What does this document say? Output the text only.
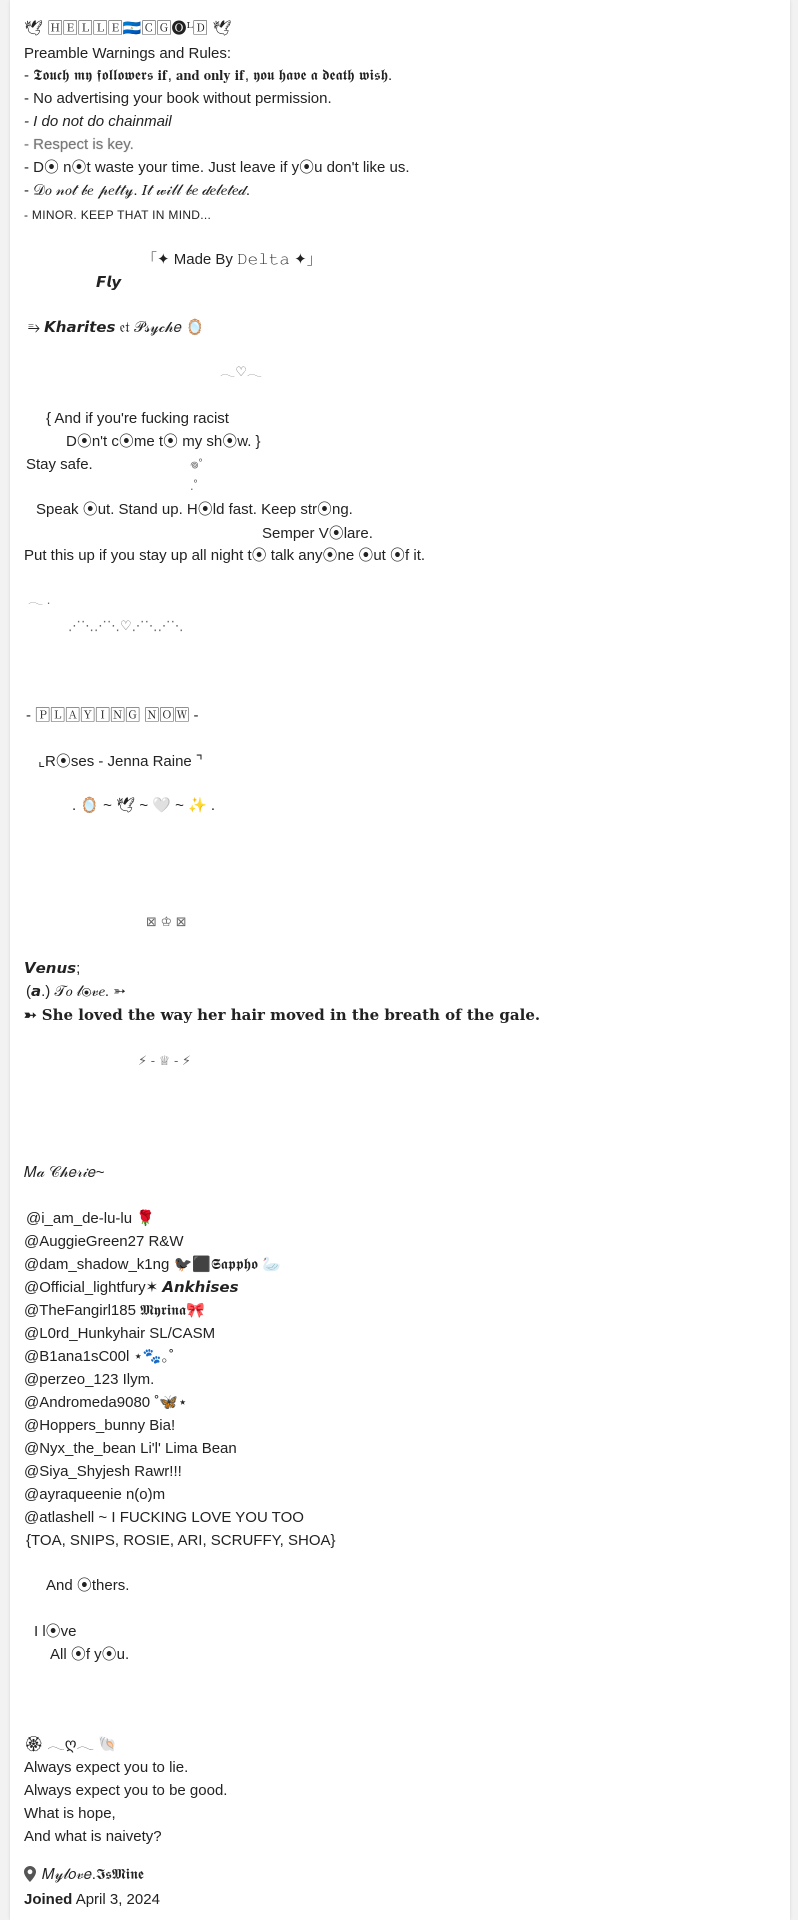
And what is naivety?
What is hope,
Always expect you to be good.
Always expect you to lie.
🏵 𓂃ღ𓂃 🐚
All ⦿f y⦿u.
I l⦿ve
And ⦿thers.
{TOA, SNIPS, ROSIE, ARI, SCRUFFY, SHOA}
@atlashell ~ I FUCKING LOVE YOU TOO
@ayraqueenie n(o)m
@Siya_Shyjesh Rawr!!!
@Nyx_the_bean Li'l' Lima Bean
@Hoppers_bunny Bia!
@Andromeda9080 ˚🦋⋆
@perzeo_123 Ilym.
@B1ana1sC00l ⋆🐾｡˚
@L0rd_Hunkyhair SL/CASM
@TheFangirl185 𝕸𝖞𝖗𝖎𝖓𝖆🎀
@Official_lightfury✶ 𝘼𝙣𝙠𝙝𝙞𝙨𝙚𝙨
@dam_shadow_k1ng 🐦‍⬛⬛𝕾𝖆𝖕𝖕𝖍𝖔 🦢
@AuggieGreen27 R&W
@i_am_de-lu-lu 🌹
𝑀𝒶 𝒞𝒽𝑒𝓇𝒾𝑒~
⚡ - ♕ - ⚡
➳ She loved the way her hair moved in the breath of the gale.
(𝙖.) 𝒯𝑜 𝓁⦿𝓋𝑒. ➳
𝙑𝙚𝙣𝙪𝙨;
⊠ ♔ ⊠
. 🪞 ~ 🕊 ~ 🤍 ~ ✨ .
⌞R⦿ses - Jenna Raine ⌝
- 🄿🄻🄰🅈🄸🄽🄶 🄽🄾🅆 -
⋰⋱⋰⋱♡⋰⋱⋰⋱
𓂃 .
Put this up if you stay up all night t⦿ talk any⦿ne ⦿ut ⦿f it.
Semper V⦿lare.
Speak ⦿ut. Stand up. H⦿ld fast. Keep str⦿ng.
.˚
𖦹˚
Stay safe.
D⦿n't c⦿me t⦿ my sh⦿w. }
{ And if you're fucking racist
𓂃♡𓂃
⥱ 𝙆𝙝𝙖𝙧𝙞𝙩𝙚𝙨 𝔢𝔱 𝒫𝓈𝓎𝒸𝒽𝑒 🪞
𝙁𝙡𝙮
「✦ Made By 𝙳𝚎𝚕𝚝𝚊 ✦」
- MINOR. KEEP THAT IN MIND...
- 𝒟𝑜 𝓃𝑜𝓉 𝒷𝑒 𝓅𝑒𝓉𝓉𝓎. 𝐼𝓉 𝓌𝒾𝓁𝓁 𝒷𝑒 𝒹𝑒𝓁𝑒𝓉𝑒𝒹.
- D⦿ n⦿t waste your time. Just leave if y⦿u don't like us.
- Respect is key.
- I do not do chainmail
- No advertising your book without permission.
- 𝕿𝖔𝖚𝖈𝖍 𝖒𝖞 𝖋𝖔𝖑𝖑𝖔𝖜𝖊𝖗𝖘 𝐢𝐟, 𝐚𝐧𝐝 𝐨𝐧𝐥𝐲 𝐢𝐟, 𝖞𝖔𝖚 𝖍𝖆𝖛𝖊 𝖆 𝖉𝖊𝖆𝖙𝖍 𝖜𝖎𝖘𝖍.
Preamble Warnings and Rules:
🕊 🄷🄴🄻🄻🄴🇳🇮🄲🄶🅞ᴸ🄳 🕊
𝑀𝓎𝓁𝑜𝓋𝑒.𝕴𝖘𝕸𝖎𝖓𝖊
Joined April 3, 2024
